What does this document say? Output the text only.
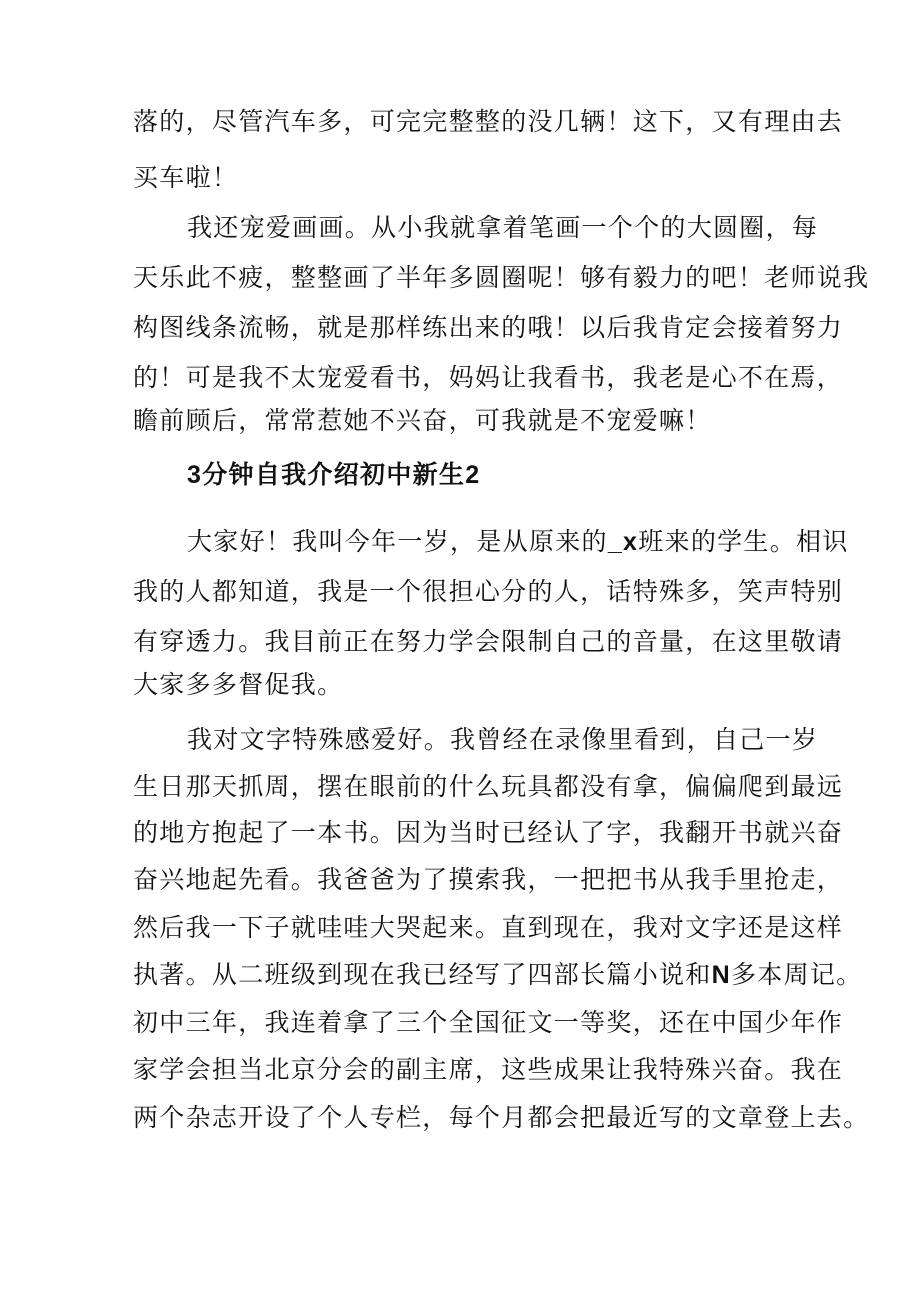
落的，尽管汽车多，可完完整整的没几辆！这下，又有理由去
买车啦！
我还宠爱画画。从小我就拿着笔画一个个的大圆圈，每
天乐此不疲，整整画了半年多圆圈呢！够有毅力的吧！老师说我
构图线条流畅，就是那样练出来的哦！以后我肯定会接着努力
的！可是我不太宠爱看书，妈妈让我看书，我老是心不在焉，
瞻前顾后，常常惹她不兴奋，可我就是不宠爱嘛！
3分钟自我介绍初中新生2
大家好！我叫今年一岁，是从原来的_x班来的学生。相识
我的人都知道，我是一个很担心分的人，话特殊多，笑声特别
有穿透力。我目前正在努力学会限制自己的音量，在这里敬请
大家多多督促我。
我对文字特殊感爱好。我曾经在录像里看到，自己一岁
生日那天抓周，摆在眼前的什么玩具都没有拿，偏偏爬到最远
的地方抱起了一本书。因为当时已经认了字，我翻开书就兴奋
奋兴地起先看。我爸爸为了摸索我，一把把书从我手里抢走，
然后我一下子就哇哇大哭起来。直到现在，我对文字还是这样
执著。从二班级到现在我已经写了四部长篇小说和N多本周记。
初中三年，我连着拿了三个全国征文一等奖，还在中国少年作
家学会担当北京分会的副主席，这些成果让我特殊兴奋。我在
两个杂志开设了个人专栏，每个月都会把最近写的文章登上去。
